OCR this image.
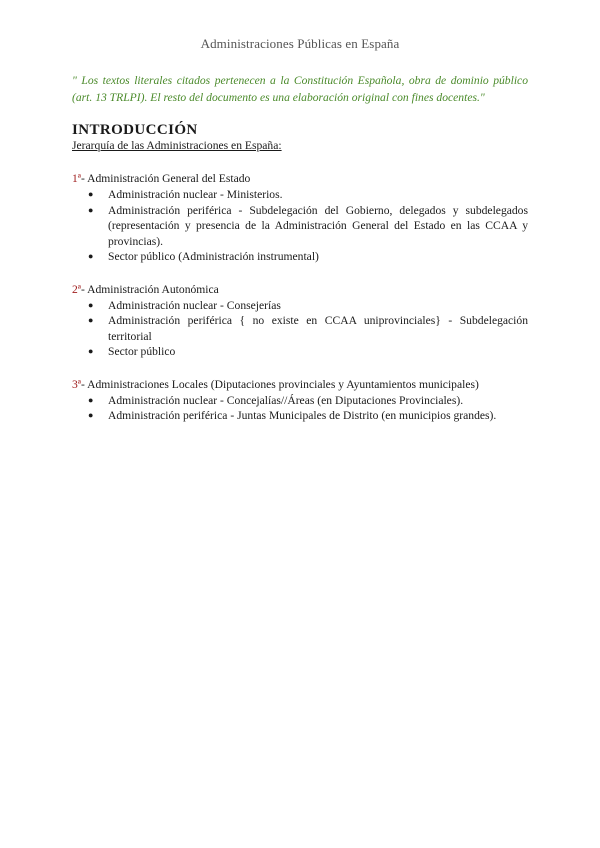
Administraciones Públicas en España
" Los textos literales citados pertenecen a la Constitución Española, obra de dominio público (art. 13 TRLPI). El resto del documento es una elaboración original con fines docentes."
INTRODUCCIÓN

Jerarquía de las Administraciones en España:

1ª- Administración General del Estado

● Administración nuclear - Ministerios.
● Administración periférica - Subdelegación del Gobierno, delegados y subdelegados (representación y presencia de la Administración General del Estado en las CCAA y provincias).
● Sector público (Administración instrumental)

2ª- Administración Autonómica

● Administración nuclear - Consejerías
● Administración periférica { no existe en CCAA uniprovinciales} - Subdelegación territorial
● Sector público

3ª- Administraciones Locales (Diputaciones provinciales y Ayuntamientos municipales)

● Administración nuclear - Concejalías//Áreas (en Diputaciones Provinciales).
● Administración periférica - Juntas Municipales de Distrito (en municipios grandes).
